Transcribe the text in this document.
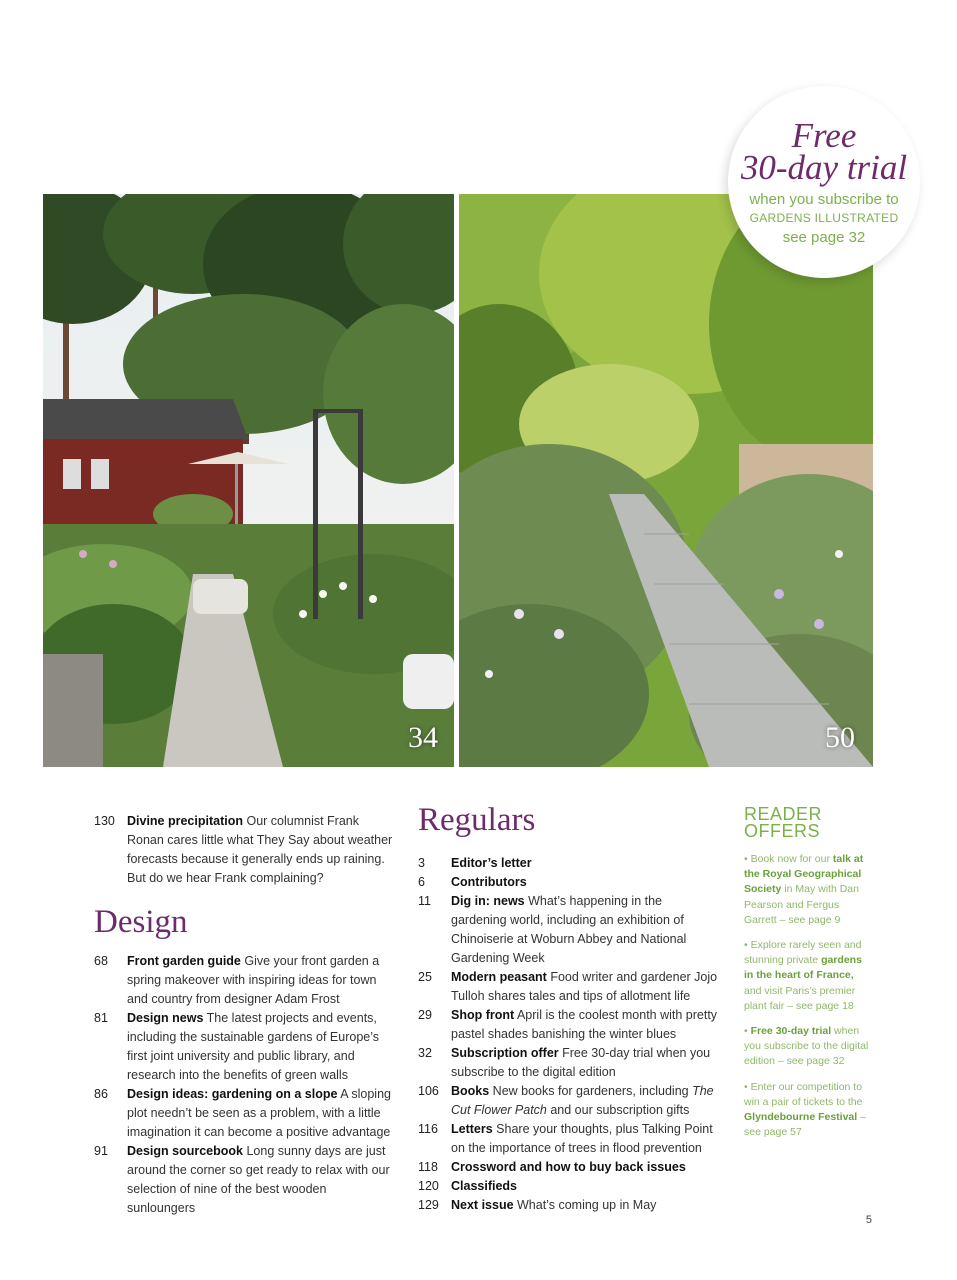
34	50
Free
30-day trial
when you subscribe to
GARDENS ILLUSTRATED
see page 32
130 Divine precipitation Our columnist Frank Ronan cares little what They Say about weather forecasts because it generally ends up raining. But do we hear Frank complaining?
Design
68	Front garden guide Give your front garden a spring makeover with inspiring ideas for town and country from designer Adam Frost
81	Design news The latest projects and events, including the sustainable gardens of Europe’s first joint university and public library, and research into the benefits of green walls
86	Design ideas: gardening on a slope A sloping plot needn’t be seen as a problem, with a little imagination it can become a positive advantage
91	Design sourcebook Long sunny days are just around the corner so get ready to relax with our selection of nine of the best wooden sunloungers
Regulars
3	Editor’s letter
6	Contributors
11	Dig in: news What’s happening in the gardening world, including an exhibition of Chinoiserie at Woburn Abbey and National Gardening Week
25	Modern peasant Food writer and gardener Jojo Tulloh shares tales and tips of allotment life
29	Shop front April is the coolest month with pretty pastel shades banishing the winter blues
32	Subscription offer Free 30-day trial when you subscribe to the digital edition
106 Books New books for gardeners, including The Cut Flower Patch and our subscription gifts
116	Letters Share your thoughts, plus Talking Point on the importance of trees in flood prevention
118	Crossword and how to buy back issues
120 Classifieds
129 Next issue What’s coming up in May
READER
OFFERS
• Book now for our talk at the Royal Geographical Society in May with Dan Pearson and Fergus Garrett – see page 9
• Explore rarely seen and stunning private gardens in the heart of France, and visit Paris’s premier plant fair – see page 18
• Free 30-day trial when you subscribe to the digital edition – see page 32
• Enter our competition to win a pair of tickets to the Glyndebourne Festival – see page 57
5
